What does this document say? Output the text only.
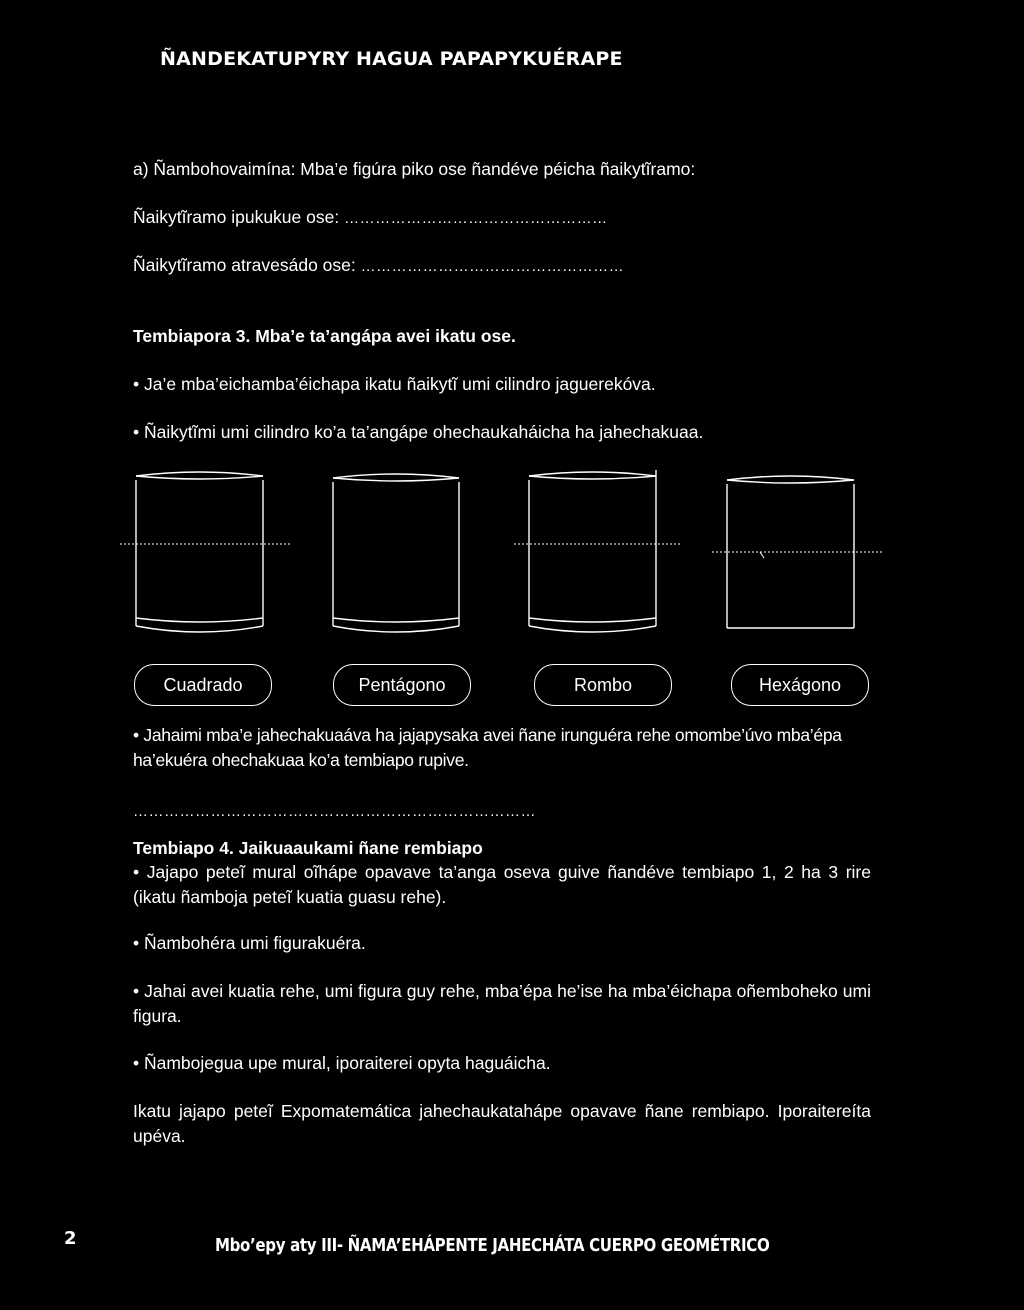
ÑANDEKATUPYRY HAGUA PAPAPYKUÉRAPE
a) Ñambohovaimína: Mba’e figúra piko ose ñandéve péicha ñaikytĩramo:
Ñaikytĩramo ipukukue ose: ……………………………………………
Ñaikytĩramo atravesádo ose: ……………………………………………
Tembiapora 3. Mba’e ta’angápa avei ikatu ose.
• Ja’e mba’eichamba’éichapa ikatu ñaikytĩ umi cilindro jaguerekóva.
• Ñaikytĩmi umi cilindro ko’a ta’angápe ohechaukaháicha ha jahechakuaa.
Cuadrado	Pentágono	Rombo	Hexágono
• Jahaimi mba’e jahechakuaáva ha jajapysaka avei ñane irunguéra rehe omombe’úvo mba’épa ha’ekuéra ohechakuaa ko’a tembiapo rupive.
……………………………………………………………………
Tembiapo 4. Jaikuaaukami ñane rembiapo
• Jajapo peteĩ mural oĩhápe opavave ta’anga oseva guive ñandéve tembiapo 1, 2 ha 3 rire (ikatu ñamboja peteĩ kuatia guasu rehe).
• Ñambohéra umi figurakuéra.
• Jahai avei kuatia rehe, umi figura guy rehe, mba’épa he’ise ha mba’éichapa oñemboheko umi figura.
• Ñambojegua upe mural, iporaiterei opyta haguáicha.
Ikatu jajapo peteĩ Expomatemática jahechaukatahápe opavave ñane rembiapo. Iporaitereíta upéva.
2	Mbo’epy aty III- ÑAMA’EHÁPENTE JAHECHÁTA CUERPO GEOMÉTRICO
